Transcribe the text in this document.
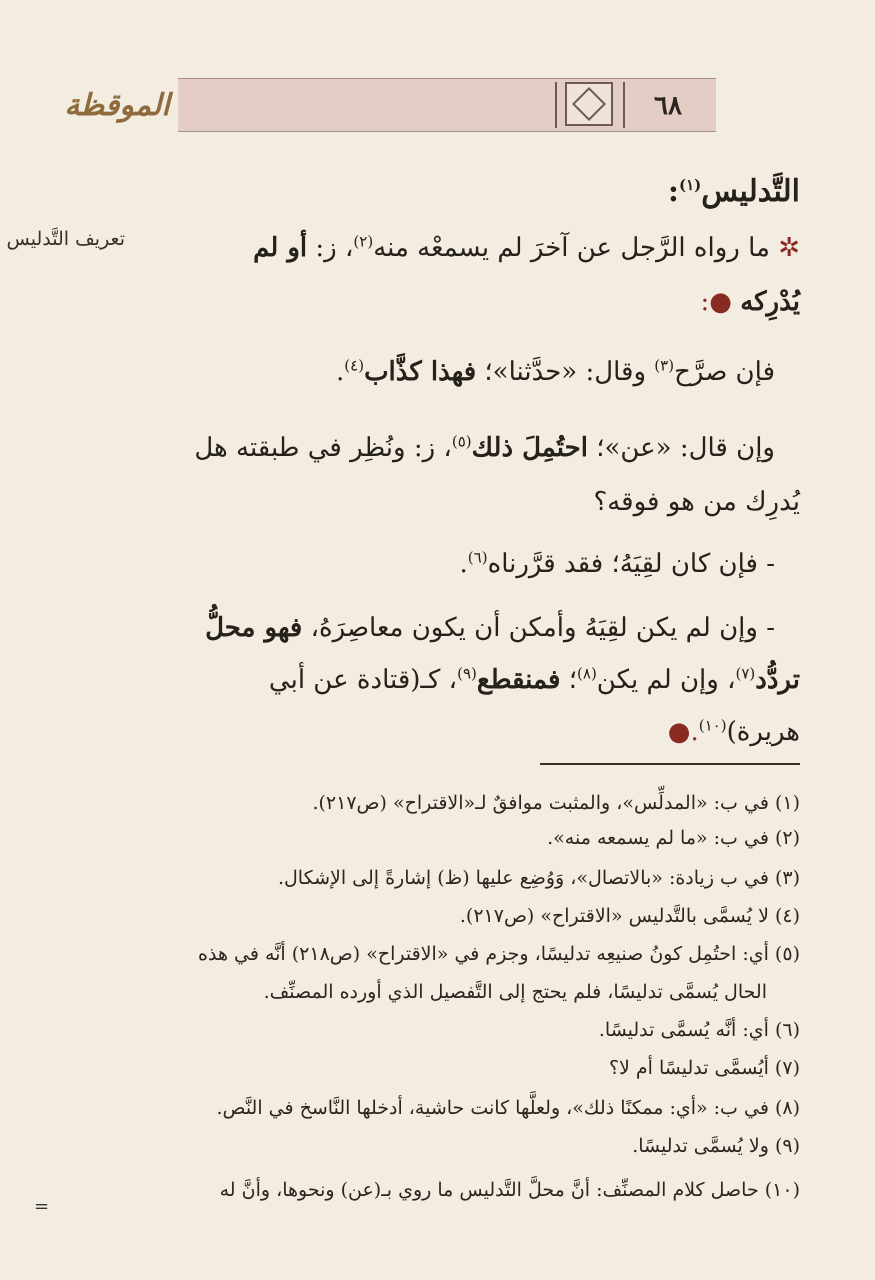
٦٨
الموقظة
تعريف التَّدليس
التَّدليس$^{(١)}$:
✲ ما رواه الرَّجل عن آخرَ لم يسمعْه منه$^{(٢)}$، ز: أو لم
يُدْرِكه ●:
فإن صرَّح$^{(٣)}$ وقال: «حدَّثنا»؛ فهذا كذَّاب$^{(٤)}$.
وإن قال: «عن»؛ احتُمِلَ ذلك$^{(٥)}$، ز: ونُظِر في طبقته هل
يُدرِك من هو فوقه؟
- فإن كان لقِيَهُ؛ فقد قرَّرناه$^{(٦)}$.
- وإن لم يكن لقِيَهُ وأمكن أن يكون معاصِرَهُ، فهو محلُّ
تردُّد$^{(٧)}$، وإن لم يكن$^{(٨)}$؛ فمنقطع$^{(٩)}$، كـ(قتادة عن أبي
هريرة)$^{(١٠)}$.●
(١) في ب: «المدلِّس»، والمثبت موافقٌ لـ«الاقتراح» (ص٢١٧).
(٢) في ب: «ما لم يسمعه منه».
(٣) في ب زيادة: «بالاتصال»، وَوُضِع عليها (ظ) إشارةً إلى الإشكال.
(٤) لا يُسمَّى بالتَّدليس «الاقتراح» (ص٢١٧).
(٥) أي: احتُمِل كونُ صنيعِه تدليسًا، وجزم في «الاقتراح» (ص٢١٨) أنَّه في هذه
الحال يُسمَّى تدليسًا، فلم يحتج إلى التَّفصيل الذي أورده المصنِّف.
(٦) أي: أنَّه يُسمَّى تدليسًا.
(٧) أيُسمَّى تدليسًا أم لا؟
(٨) في ب: «أي: ممكنًا ذلك»، ولعلَّها كانت حاشية، أدخلها النَّاسخ في النَّص.
(٩) ولا يُسمَّى تدليسًا.
(١٠) حاصل كلام المصنِّف: أنَّ محلَّ التَّدليس ما روي بـ(عن) ونحوها، وأنَّ له
=
